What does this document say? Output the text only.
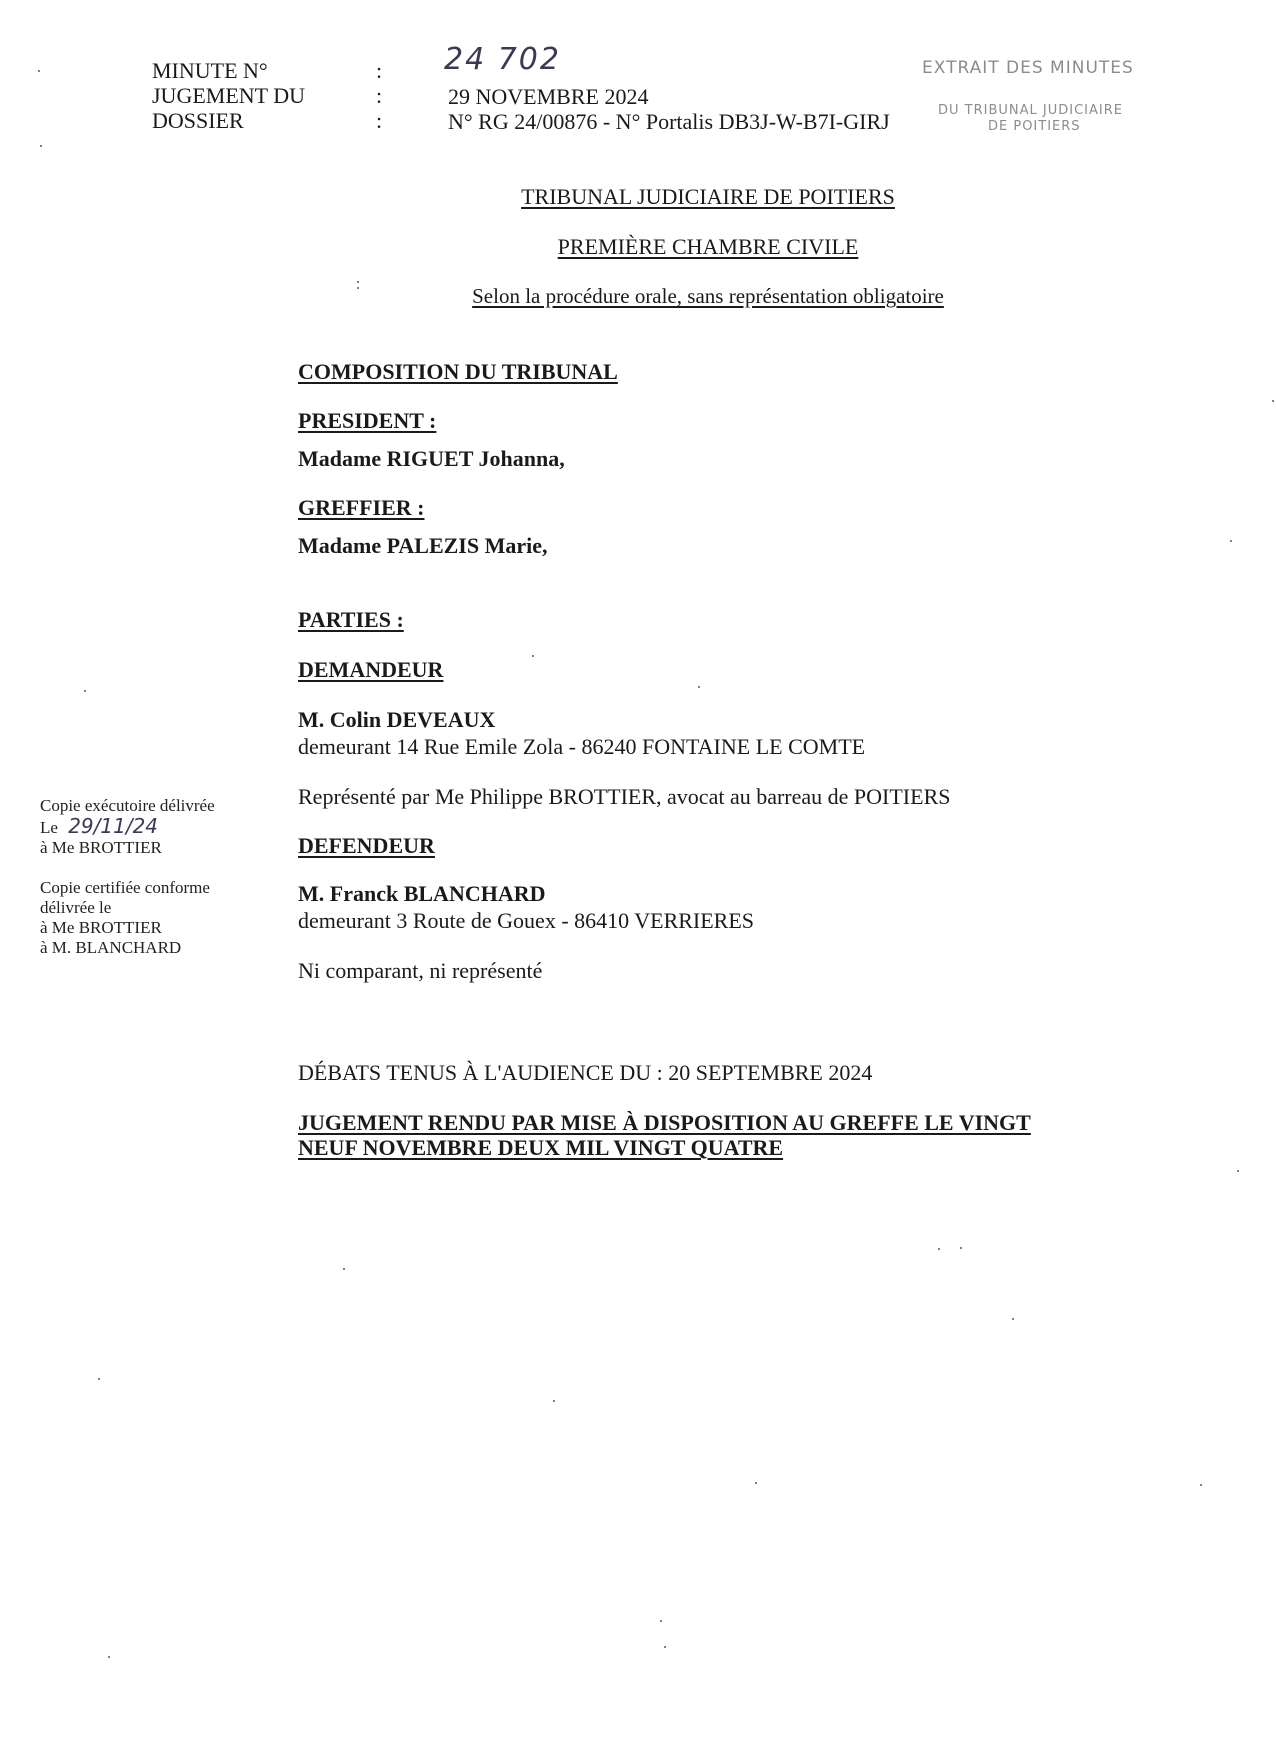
MINUTE N°
JUGEMENT DU
DOSSIER
:
:
:
24 702
29 NOVEMBRE 2024
N° RG 24/00876 - N° Portalis DB3J-W-B7I-GIRJ
EXTRAIT DES MINUTES
DU TRIBUNAL JUDICIAIRE
DE POITIERS
TRIBUNAL JUDICIAIRE DE POITIERS
PREMIÈRE CHAMBRE CIVILE
Selon la procédure orale, sans représentation obligatoire
COMPOSITION DU TRIBUNAL
PRESIDENT :
Madame RIGUET Johanna,
GREFFIER :
Madame PALEZIS Marie,
PARTIES :
DEMANDEUR
M. Colin DEVEAUX
demeurant 14 Rue Emile Zola - 86240 FONTAINE LE COMTE
Représenté par Me Philippe BROTTIER, avocat au barreau de POITIERS
DEFENDEUR
M. Franck BLANCHARD
demeurant 3 Route de Gouex - 86410 VERRIERES
Ni comparant, ni représenté
DÉBATS TENUS À L'AUDIENCE DU : 20 SEPTEMBRE 2024
JUGEMENT RENDU PAR MISE À DISPOSITION AU GREFFE LE VINGT
NEUF NOVEMBRE DEUX MIL VINGT QUATRE
Copie exécutoire délivrée
Le 29/11/24
à Me BROTTIER
Copie certifiée conforme
délivrée le
à Me BROTTIER
à M. BLANCHARD
